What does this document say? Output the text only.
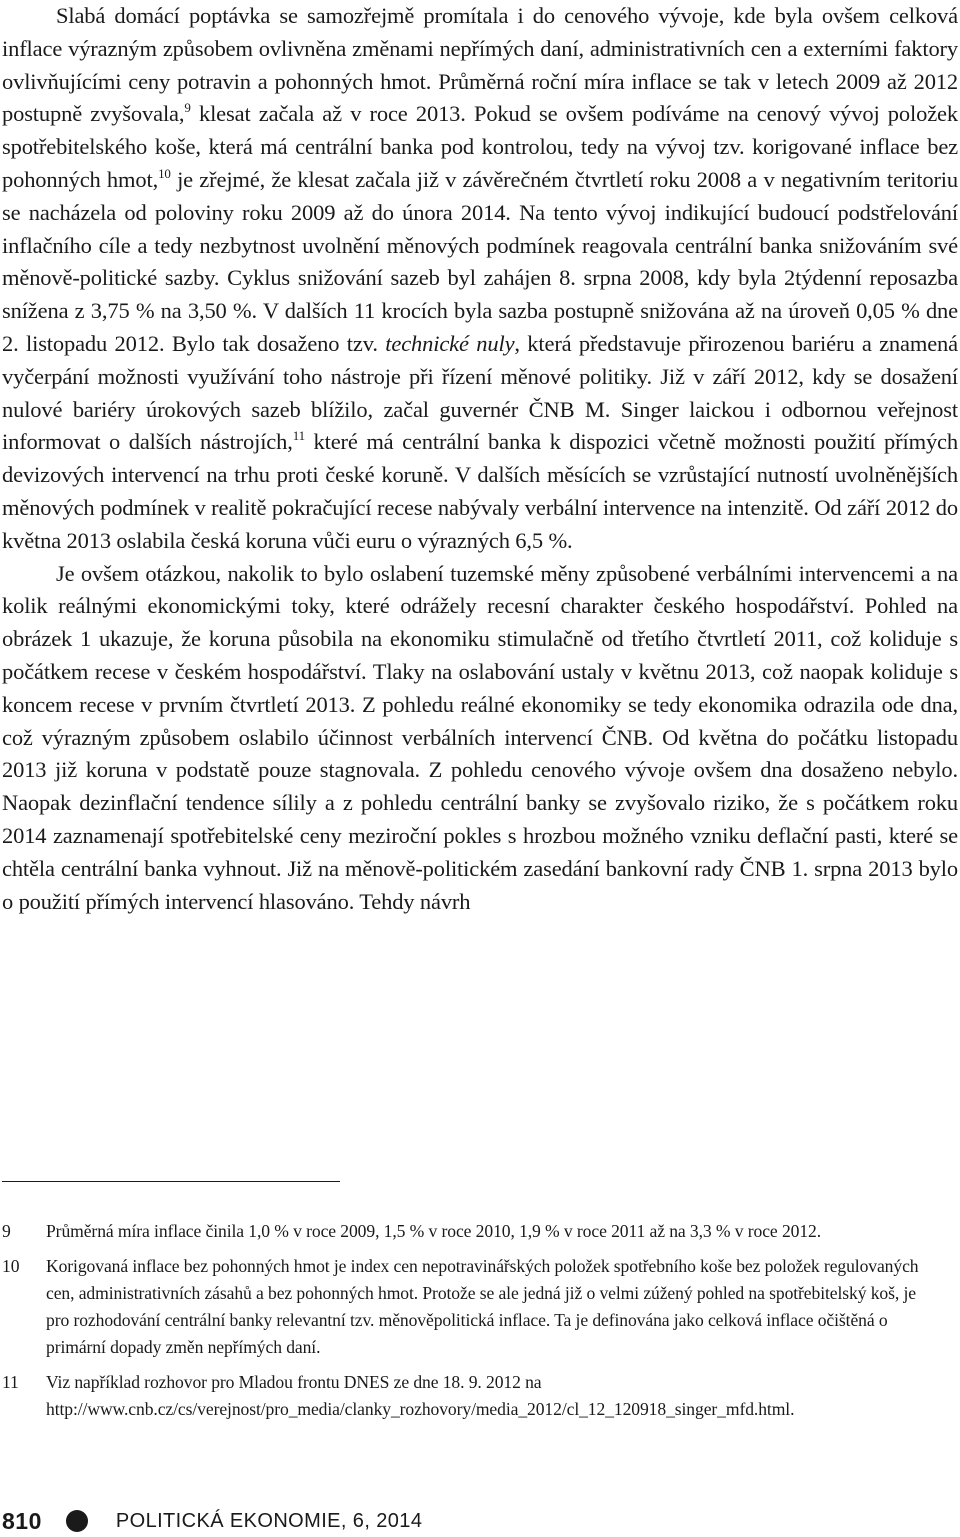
Slabá domácí poptávka se samozřejmě promítala i do cenového vývoje, kde byla ovšem celková inflace výrazným způsobem ovlivněna změnami nepřímých daní, administrativních cen a externími faktory ovlivňujícími ceny potravin a pohonných hmot. Průměrná roční míra inflace se tak v letech 2009 až 2012 postupně zvyšovala,$^9$ klesat začala až v roce 2013. Pokud se ovšem podíváme na cenový vývoj položek spotřebitelského koše, která má centrální banka pod kontrolou, tedy na vývoj tzv. korigované inflace bez pohonných hmot,$^{10}$ je zřejmé, že klesat začala již v závěrečném čtvrtletí roku 2008 a v negativním teritoriu se nacházela od poloviny roku 2009 až do února 2014. Na tento vývoj indikující budoucí podstřelování inflačního cíle a tedy nezbytnost uvolnění měnových podmínek reagovala centrální banka snižováním své měnově-politické sazby. Cyklus snižování sazeb byl zahájen 8. srpna 2008, kdy byla 2týdenní reposazba snížena z 3,75 % na 3,50 %. V dalších 11 krocích byla sazba postupně snižována až na úroveň 0,05 % dne 2. listopadu 2012. Bylo tak dosaženo tzv. technické nuly, která představuje přirozenou bariéru a znamená vyčerpání možnosti využívání toho nástroje při řízení měnové politiky. Již v září 2012, kdy se dosažení nulové bariéry úrokových sazeb blížilo, začal guvernér ČNB M. Singer laickou i odbornou veřejnost informovat o dalších nástrojích,$^{11}$ které má centrální banka k dispozici včetně možnosti použití přímých devizových intervencí na trhu proti české koruně. V dalších měsících se vzrůstající nutností uvolněnějších měnových podmínek v realitě pokračující recese nabývaly verbální intervence na intenzitě. Od září 2012 do května 2013 oslabila česká koruna vůči euru o výrazných 6,5 %.

Je ovšem otázkou, nakolik to bylo oslabení tuzemské měny způsobené verbálními intervencemi a na kolik reálnými ekonomickými toky, které odrážely recesní charakter českého hospodářství. Pohled na obrázek 1 ukazuje, že koruna působila na ekonomiku stimulačně od třetího čtvrtletí 2011, což koliduje s počátkem recese v českém hospodářství. Tlaky na oslabování ustaly v květnu 2013, což naopak koliduje s koncem recese v prvním čtvrtletí 2013. Z pohledu reálné ekonomiky se tedy ekonomika odrazila ode dna, což výrazným způsobem oslabilo účinnost verbálních intervencí ČNB. Od května do počátku listopadu 2013 již koruna v podstatě pouze stagnovala. Z pohledu cenového vývoje ovšem dna dosaženo nebylo. Naopak dezinflační tendence sílily a z pohledu centrální banky se zvyšovalo riziko, že s počátkem roku 2014 zaznamenají spotřebitelské ceny meziroční pokles s hrozbou možného vzniku deflační pasti, které se chtěla centrální banka vyhnout. Již na měnově-politickém zasedání bankovní rady ČNB 1. srpna 2013 bylo o použití přímých intervencí hlasováno. Tehdy návrh

9	Průměrná míra inflace činila 1,0 % v roce 2009, 1,5 % v roce 2010, 1,9 % v roce 2011 až na 3,3 % v roce 2012.
10	Korigovaná inflace bez pohonných hmot je index cen nepotravinářských položek spotřebního koše bez položek regulovaných cen, administrativních zásahů a bez pohonných hmot. Protože se ale jedná již o velmi zúžený pohled na spotřebitelský koš, je pro rozhodování centrální banky relevantní tzv. měnověpolitická inflace. Ta je definována jako celková inflace očištěná o primární dopady změn nepřímých daní.
11	Viz například rozhovor pro Mladou frontu DNES ze dne 18. 9. 2012 na http://www.cnb.cz/cs/verejnost/pro_media/clanky_rozhovory/media_2012/cl_12_120918_singer_mfd.html.
810	POLITICKÁ EKONOMIE, 6, 2014
